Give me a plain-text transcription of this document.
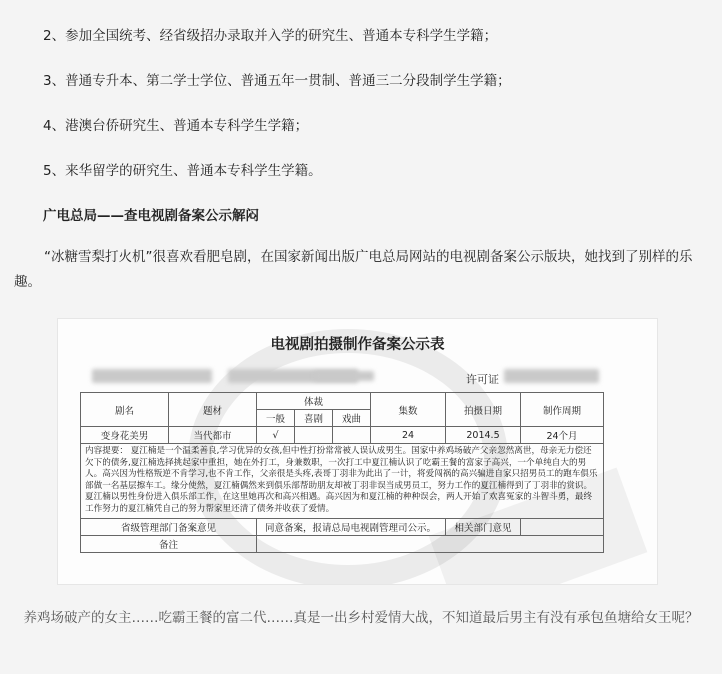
2、参加全国统考、经省级招办录取并入学的研究生、普通本专科学生学籍；
3、普通专升本、第二学士学位、普通五年一贯制、普通三二分段制学生学籍；
4、港澳台侨研究生、普通本专科学生学籍；
5、来华留学的研究生、普通本专科学生学籍。
广电总局——查电视剧备案公示解闷
“冰糖雪梨打火机”很喜欢看肥皂剧，在国家新闻出版广电总局网站的电视剧备案公示版块，她找到了别样的乐趣。
电视剧拍摄制作备案公示表
许可证
剧名	题材	体裁			集数	拍摄日期	制作周期
		一般	喜剧	戏曲			
变身花美男	当代都市	√			24	2014.5	24个月
内容提要： 夏江楠是一个温柔善良,学习优异的女孩,但中性打扮常常被人误认成男生。国家中养鸡场破产父亲忽然离世，母亲无力偿还欠下的债务,夏江楠选择挑起家中重担，她在外打工，身兼数职，一次打工中夏江楠认识了吃霸王餐的富家子高兴，一个单纯自大的男人。高兴因为性格叛逆不肯学习,也不肯工作，父亲很是头疼,表哥丁羽非为此出了一计，将爱闯祸的高兴骗进自家只招男员工的跑车俱乐部做一名基层擦车工。缘分使然，夏江楠偶然来到俱乐部帮助朋友却被丁羽非误当成男员工，努力工作的夏江楠得到了丁羽非的赏识。夏江楠以男性身份进入俱乐部工作，在这里她再次和高兴相遇。高兴因为和夏江楠的种种误会，两人开始了欢喜冤家的斗智斗勇，最终工作努力的夏江楠凭自己的努力帮家里还清了债务并收获了爱情。							
省级管理部门备案意见		同意备案，报请总局电视剧管理司公示。				相关部门意见	
备注							
养鸡场破产的女主……吃霸王餐的富二代……真是一出乡村爱情大战，不知道最后男主有没有承包鱼塘给女王呢？
